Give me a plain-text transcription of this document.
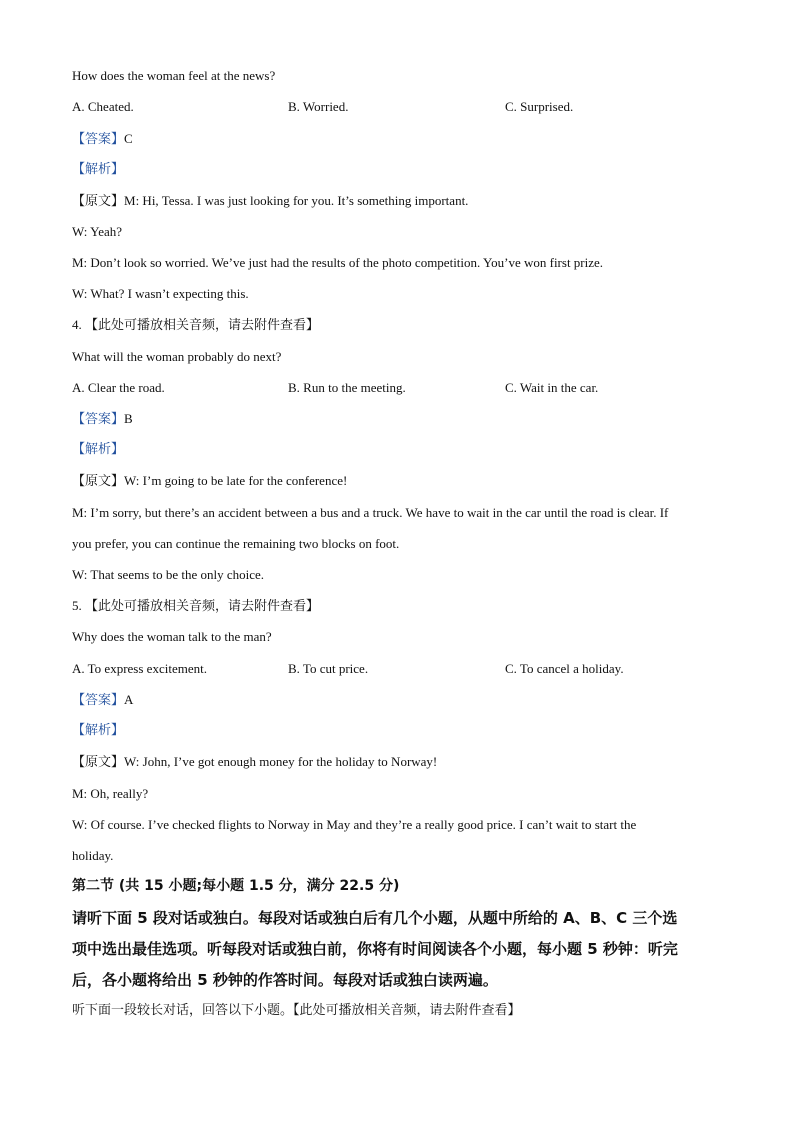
How does the woman feel at the news?
A. Cheated.	B. Worried.	C. Surprised.
【答案】C
【解析】
【原文】M: Hi, Tessa. I was just looking for you. It’s something important.
W: Yeah?
M: Don’t look so worried. We’ve just had the results of the photo competition. You’ve won first prize.
W: What? I wasn’t expecting this.
4. 【此处可播放相关音频，请去附件查看】
What will the woman probably do next?
A. Clear the road.	B. Run to the meeting.	C. Wait in the car.
【答案】B
【解析】
【原文】W: I’m going to be late for the conference!
M: I’m sorry, but there’s an accident between a bus and a truck. We have to wait in the car until the road is clear. If
you prefer, you can continue the remaining two blocks on foot.
W: That seems to be the only choice.
5. 【此处可播放相关音频，请去附件查看】
Why does the woman talk to the man?
A. To express excitement.	B. To cut price.	C. To cancel a holiday.
【答案】A
【解析】
【原文】W: John, I’ve got enough money for the holiday to Norway!
M: Oh, really?
W: Of course. I’ve checked flights to Norway in May and they’re a really good price. I can’t wait to start the
holiday.
第二节 (共 15 小题;每小题 1.5 分，满分 22.5 分)
请听下面 5 段对话或独白。每段对话或独白后有几个小题，从题中所给的 A、B、C 三个选
项中选出最佳选项。听每段对话或独白前，你将有时间阅读各个小题，每小题 5 秒钟：听完
后，各小题将给出 5 秒钟的作答时间。每段对话或独白读两遍。
听下面一段较长对话，回答以下小题。【此处可播放相关音频，请去附件查看】
